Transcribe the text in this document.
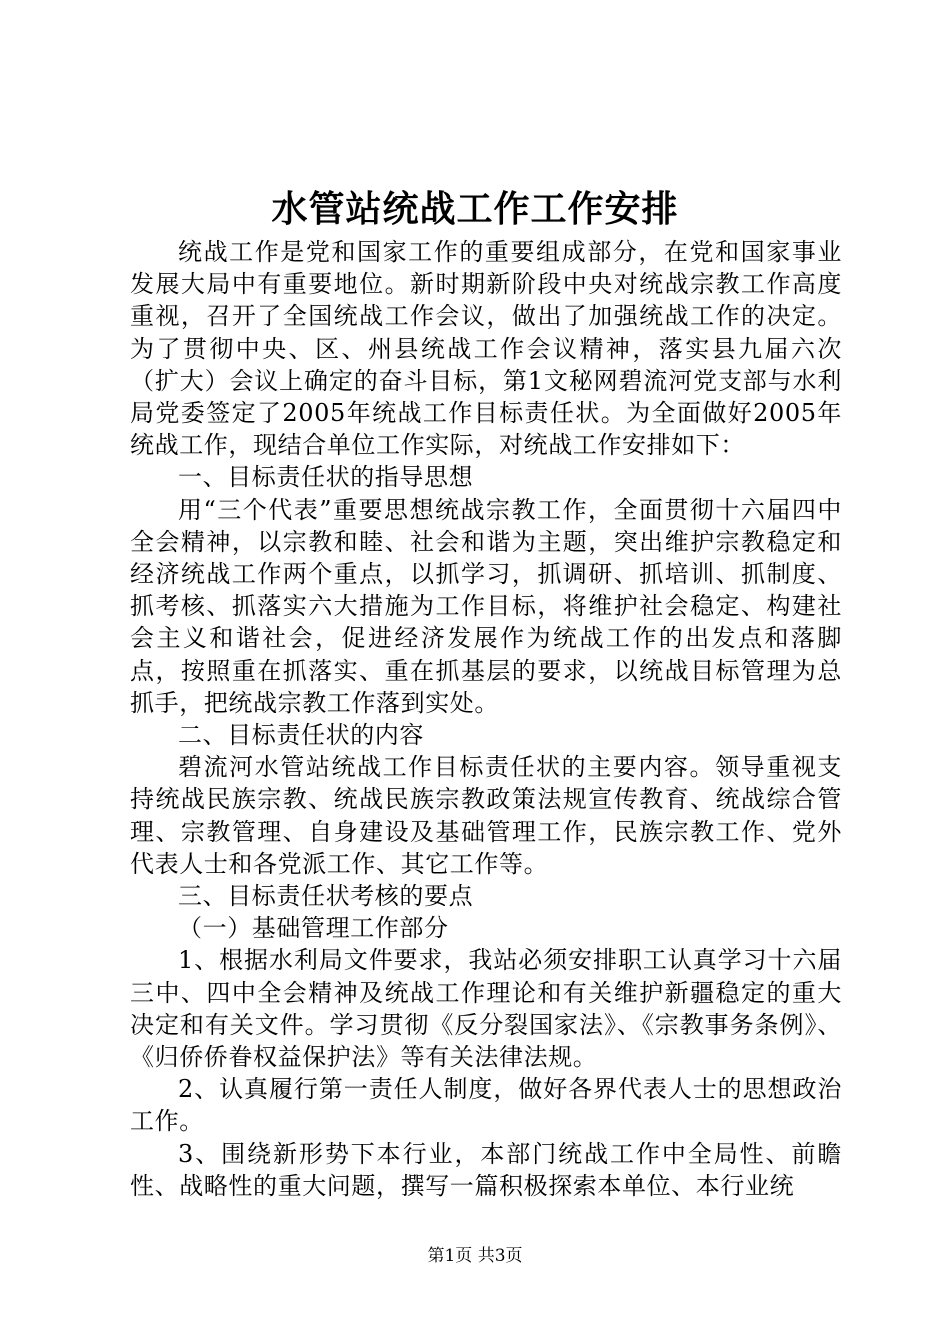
水管站统战工作工作安排

统战工作是党和国家工作的重要组成部分，在党和国家事业发展大局中有重要地位。新时期新阶段中央对统战宗教工作高度重视，召开了全国统战工作会议，做出了加强统战工作的决定。为了贯彻中央、区、州县统战工作会议精神，落实县九届六次（扩大）会议上确定的奋斗目标，第1文秘网碧流河党支部与水利局党委签定了2005年统战工作目标责任状。为全面做好2005年统战工作，现结合单位工作实际，对统战工作安排如下：

一、目标责任状的指导思想

用“三个代表”重要思想统战宗教工作，全面贯彻十六届四中全会精神，以宗教和睦、社会和谐为主题，突出维护宗教稳定和经济统战工作两个重点，以抓学习，抓调研、抓培训、抓制度、抓考核、抓落实六大措施为工作目标，将维护社会稳定、构建社会主义和谐社会，促进经济发展作为统战工作的出发点和落脚点，按照重在抓落实、重在抓基层的要求，以统战目标管理为总抓手，把统战宗教工作落到实处。

二、目标责任状的内容

碧流河水管站统战工作目标责任状的主要内容。领导重视支持统战民族宗教、统战民族宗教政策法规宣传教育、统战综合管理、宗教管理、自身建设及基础管理工作，民族宗教工作、党外代表人士和各党派工作、其它工作等。

三、目标责任状考核的要点

（一）基础管理工作部分

1、根据水利局文件要求，我站必须安排职工认真学习十六届三中、四中全会精神及统战工作理论和有关维护新疆稳定的重大决定和有关文件。学习贯彻《反分裂国家法》、《宗教事务条例》、《归侨侨眷权益保护法》等有关法律法规。

2、认真履行第一责任人制度，做好各界代表人士的思想政治工作。

3、围绕新形势下本行业，本部门统战工作中全局性、前瞻性、战略性的重大问题，撰写一篇积极探索本单位、本行业统

第1页 共3页
